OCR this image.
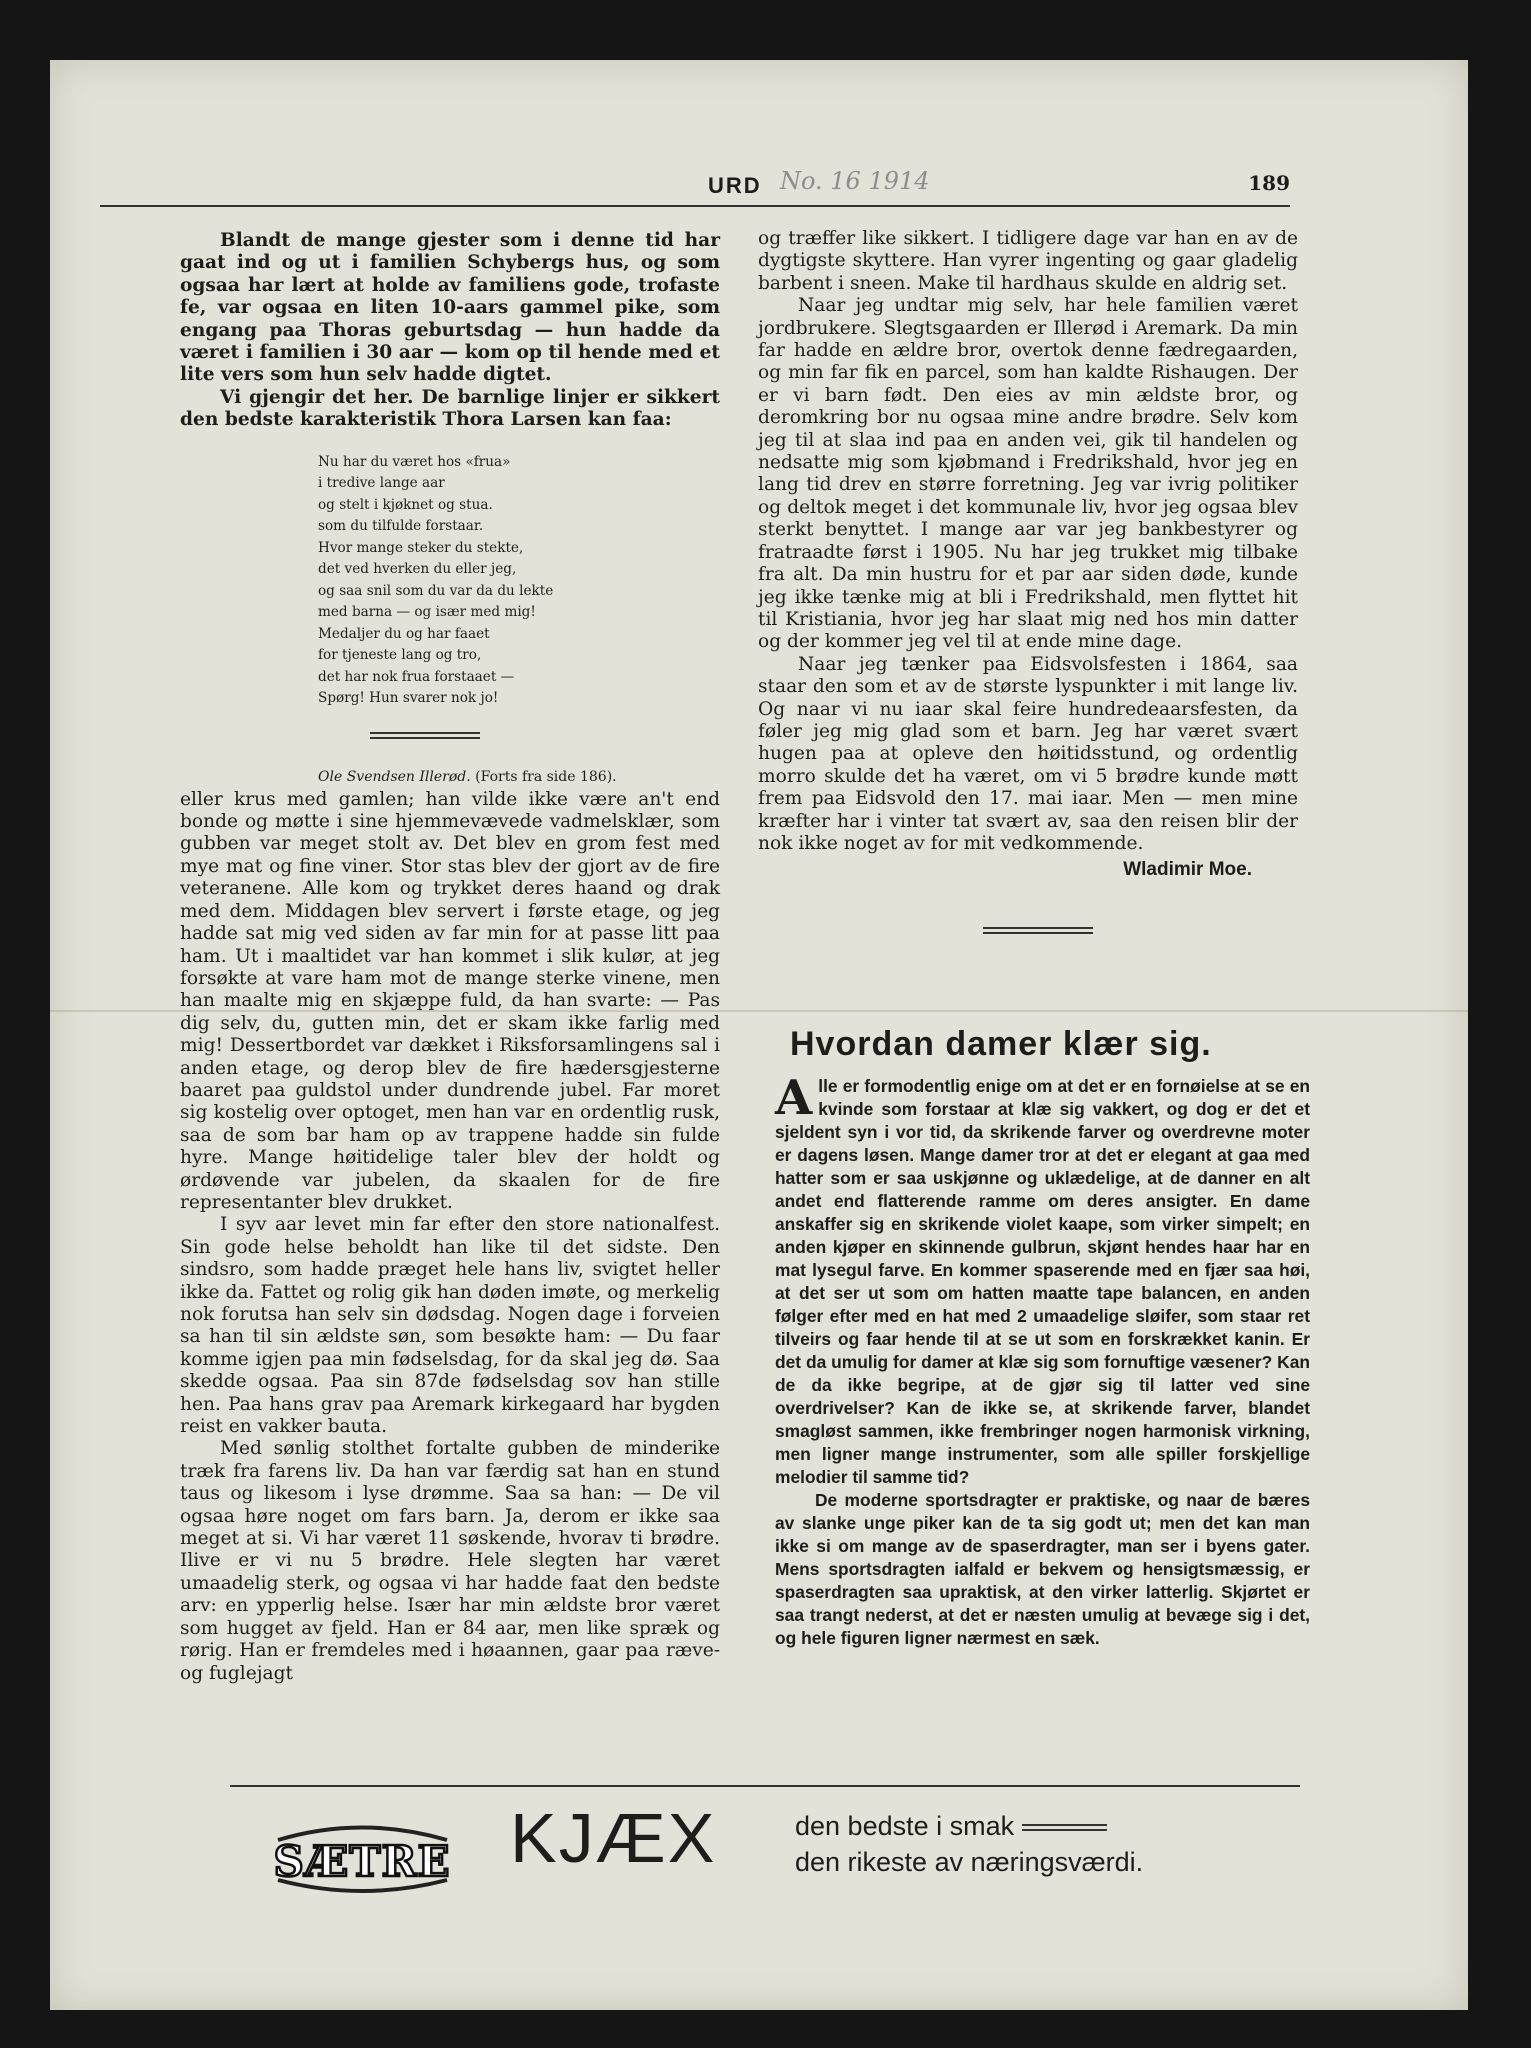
URD No. 16 1914	189

Blandt de mange gjester som i denne tid har gaat ind og ut i familien Schybergs hus, og som ogsaa har lært at holde av familiens gode, trofaste fe, var ogsaa en liten 10-aars gammel pike, som engang paa Thoras geburtsdag — hun hadde da været i familien i 30 aar — kom op til hende med et lite vers som hun selv hadde digtet.

Vi gjengir det her. De barnlige linjer er sikkert den bedste karakteristik Thora Larsen kan faa:

Nu har du været hos «frua»
i tredive lange aar
og stelt i kjøknet og stua.
som du tilfulde forstaar.
Hvor mange steker du stekte,
det ved hverken du eller jeg,
og saa snil som du var da du lekte
med barna — og især med mig!
Medaljer du og har faaet
for tjeneste lang og tro,
det har nok frua forstaaet —
Spørg! Hun svarer nok jo!
Ole Svendsen Illerød. (Forts fra side 186).

eller krus med gamlen; han vilde ikke være an't end bonde og møtte i sine hjemmevævede vadmelsklær, som gubben var meget stolt av. Det blev en grom fest med mye mat og fine viner. Stor stas blev der gjort av de fire veteranene. Alle kom og trykket deres haand og drak med dem. Middagen blev servert i første etage, og jeg hadde sat mig ved siden av far min for at passe litt paa ham. Ut i maaltidet var han kommet i slik kulør, at jeg forsøkte at vare ham mot de mange sterke vinene, men han maalte mig en skjæppe fuld, da han svarte: — Pas dig selv, du, gutten min, det er skam ikke farlig med mig! Dessertbordet var dækket i Riksforsamlingens sal i anden etage, og derop blev de fire hædersgjesterne baaret paa guldstol under dundrende jubel. Far moret sig kostelig over optoget, men han var en ordentlig rusk, saa de som bar ham op av trappene hadde sin fulde hyre. Mange høitidelige taler blev der holdt og ørdøvende var jubelen, da skaalen for de fire representanter blev drukket.

I syv aar levet min far efter den store nationalfest. Sin gode helse beholdt han like til det sidste. Den sindsro, som hadde præget hele hans liv, svigtet heller ikke da. Fattet og rolig gik han døden imøte, og merkelig nok forutsa han selv sin dødsdag. Nogen dage i forveien sa han til sin ældste søn, som besøkte ham: — Du faar komme igjen paa min fødselsdag, for da skal jeg dø. Saa skedde ogsaa. Paa sin 87de fødselsdag sov han stille hen. Paa hans grav paa Aremark kirkegaard har bygden reist en vakker bauta.

Med sønlig stolthet fortalte gubben de minderike træk fra farens liv. Da han var færdig sat han en stund taus og likesom i lyse drømme. Saa sa han: — De vil ogsaa høre noget om fars barn. Ja, derom er ikke saa meget at si. Vi har været 11 søskende, hvorav ti brødre. Ilive er vi nu 5 brødre. Hele slegten har været umaadelig sterk, og ogsaa vi har hadde faat den bedste arv: en ypperlig helse. Især har min ældste bror været som hugget av fjeld. Han er 84 aar, men like spræk og rørig. Han er fremdeles med i høaannen, gaar paa ræve- og fuglejagt

og træffer like sikkert. I tidligere dage var han en av de dygtigste skyttere. Han vyrer ingenting og gaar gladelig barbent i sneen. Make til hardhaus skulde en aldrig set.

Naar jeg undtar mig selv, har hele familien været jordbrukere. Slegtsgaarden er Illerød i Aremark. Da min far hadde en ældre bror, overtok denne fædregaarden, og min far fik en parcel, som han kaldte Rishaugen. Der er vi barn født. Den eies av min ældste bror, og deromkring bor nu ogsaa mine andre brødre. Selv kom jeg til at slaa ind paa en anden vei, gik til handelen og nedsatte mig som kjøbmand i Fredrikshald, hvor jeg en lang tid drev en større forretning. Jeg var ivrig politiker og deltok meget i det kommunale liv, hvor jeg ogsaa blev sterkt benyttet. I mange aar var jeg bankbestyrer og fratraadte først i 1905. Nu har jeg trukket mig tilbake fra alt. Da min hustru for et par aar siden døde, kunde jeg ikke tænke mig at bli i Fredrikshald, men flyttet hit til Kristiania, hvor jeg har slaat mig ned hos min datter og der kommer jeg vel til at ende mine dage.

Naar jeg tænker paa Eidsvolsfesten i 1864, saa staar den som et av de største lyspunkter i mit lange liv. Og naar vi nu iaar skal feire hundredeaarsfesten, da føler jeg mig glad som et barn. Jeg har været svært hugen paa at opleve den høitidsstund, og ordentlig morro skulde det ha været, om vi 5 brødre kunde møtt frem paa Eidsvold den 17. mai iaar. Men — men mine kræfter har i vinter tat svært av, saa den reisen blir der nok ikke noget av for mit vedkommende.

Wladimir Moe.
Hvordan damer klær sig.

Alle er formodentlig enige om at det er en fornøielse at se en kvinde som forstaar at klæ sig vakkert, og dog er det et sjeldent syn i vor tid, da skrikende farver og overdrevne moter er dagens løsen. Mange damer tror at det er elegant at gaa med hatter som er saa uskjønne og uklædelige, at de danner en alt andet end flatterende ramme om deres ansigter. En dame anskaffer sig en skrikende violet kaape, som virker simpelt; en anden kjøper en skinnende gulbrun, skjønt hendes haar har en mat lysegul farve. En kommer spaserende med en fjær saa høi, at det ser ut som om hatten maatte tape balancen, en anden følger efter med en hat med 2 umaadelige sløifer, som staar ret tilveirs og faar hende til at se ut som en forskrækket kanin. Er det da umulig for damer at klæ sig som fornuftige væsener? Kan de da ikke begripe, at de gjør sig til latter ved sine overdrivelser? Kan de ikke se, at skrikende farver, blandet smagløst sammen, ikke frembringer nogen harmonisk virkning, men ligner mange instrumenter, som alle spiller forskjellige melodier til samme tid?

De moderne sportsdragter er praktiske, og naar de bæres av slanke unge piker kan de ta sig godt ut; men det kan man ikke si om mange av de spaserdragter, man ser i byens gater. Mens sportsdragten ialfald er bekvem og hensigtsmæssig, er spaserdragten saa upraktisk, at den virker latterlig. Skjørtet er saa trangt nederst, at det er næsten umulig at bevæge sig i det, og hele figuren ligner nærmest en sæk.

SÆTRE KJÆX	den bedste i smak
den rikeste av næringsværdi.
